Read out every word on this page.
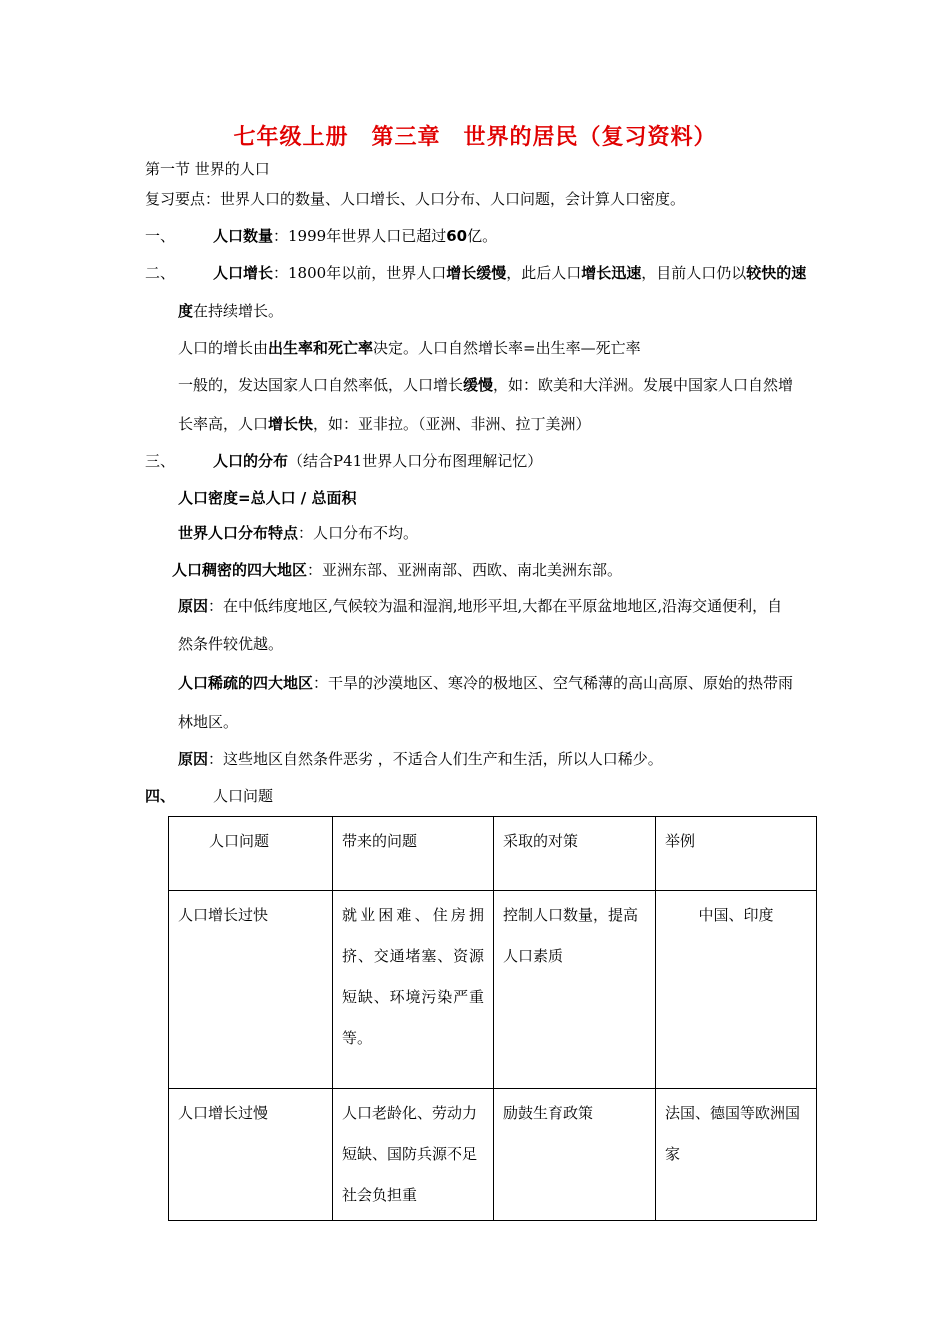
七年级上册　第三章　世界的居民（复习资料）
第一节 世界的人口
复习要点：世界人口的数量、人口增长、人口分布、人口问题，会计算人口密度。
一、	人口数量：1999年世界人口已超过60亿。
二、	人口增长：1800年以前，世界人口增长缓慢，此后人口增长迅速，目前人口仍以较快的速
度在持续增长。
人口的增长由出生率和死亡率决定。人口自然增长率=出生率—死亡率
一般的，发达国家人口自然率低，人口增长缓慢，如：欧美和大洋洲。发展中国家人口自然增
长率高，人口增长快，如：亚非拉。（亚洲、非洲、拉丁美洲）
三、	人口的分布（结合P41世界人口分布图理解记忆）
人口密度=总人口 / 总面积
世界人口分布特点：人口分布不均。
人口稠密的四大地区：亚洲东部、亚洲南部、西欧、南北美洲东部。
原因：在中低纬度地区,气候较为温和湿润,地形平坦,大都在平原盆地地区,沿海交通便利，自
然条件较优越。
人口稀疏的四大地区：干旱的沙漠地区、寒冷的极地区、空气稀薄的高山高原、原始的热带雨
林地区。
原因：这些地区自然条件恶劣 ，不适合人们生产和生活，所以人口稀少。
四、	人口问题
人口问题	带来的问题	采取的对策	举例
人口增长过快	就业困难、住房拥挤、交通堵塞、资源短缺、环境污染严重等。	控制人口数量，提高人口素质	中国、印度
人口增长过慢	人口老龄化、劳动力短缺、国防兵源不足社会负担重	励鼓生育政策	法国、德国等欧洲国家
